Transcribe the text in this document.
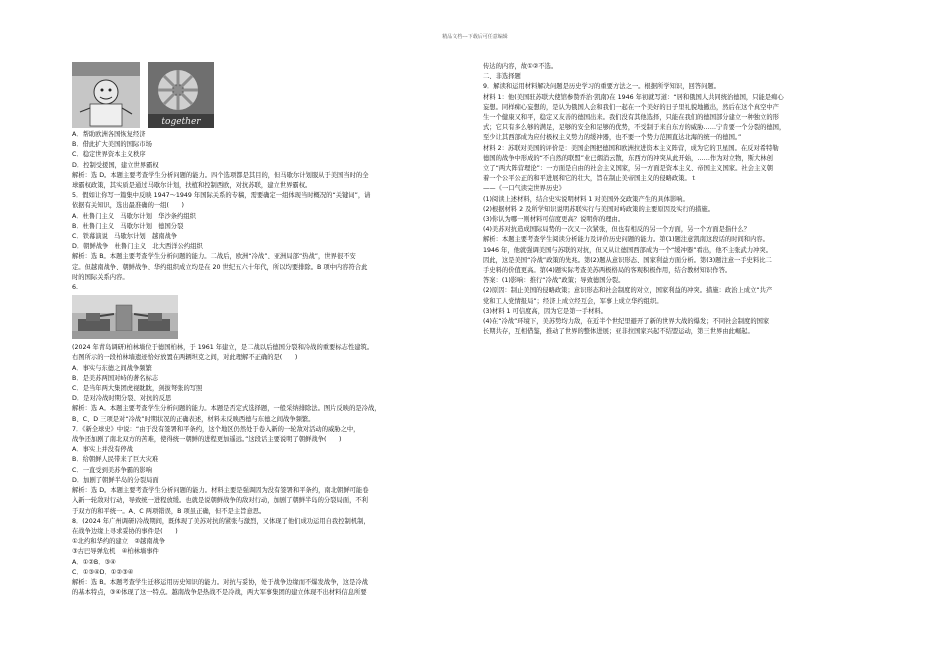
精品文档---下载后可任意编辑
together

A．帮助欧洲各国恢复经济

B．借此扩大美国的国际市场

C．稳定世界资本主义秩序

D．控制受援国，建立世界霸权

解析：选 D。本题主要考查学生分析问题的能力。四个选项都是其目的，但马歇尔计划服从于美国当时的全

球霸权政策，其实质是通过马歇尔计划，扶植和控制西欧，对抗苏联，建立世界霸权。

5．假如让你写一篇集中反映 1947～1949 年国际关系的专稿，需要确定一组体现当时概况的“关键词”，请

依据有关知识，选出最准确的一组(　　)

A．杜鲁门主义　马歇尔计划　华沙条约组织

B．杜鲁门主义　马歇尔计划　德国分裂

C．铁幕演说　马歇尔计划　越南战争

D．朝鲜战争　杜鲁门主义　北大西洋公约组织

解析：选 B。本题主要考查学生分析问题的能力。二战后，欧洲“冷战”、亚洲局部“热战”，世界很不安

定。但越南战争、朝鲜战争、华约组织成立均是在 20 世纪五六十年代，所以均要排除。B 项中内容符合此

时的国际关系内容。

6.

(2024 年青岛调研)柏林墙位于德国柏林，于 1961 年建立，是二战以后德国分裂和冷战的重要标志性建筑。

右图所示的一段柏林墙遗迹恰好放置在两辆坦克之间，对此理解不正确的是(　　)

A．事实与东德之间战争频繁

B．是美苏两国对峙的著名标志

C．是当年两大集团虎视眈眈，剑拔弩张的写照

D．是对冷战时期分裂、对抗的反思

解析：选 A。本题主要考查学生分析问题的能力。本题是否定式选择题，一般采纳排除法。图片反映的是冷战，

B、C、D 三项是对“冷战”时期状况的正确表述，材料未反映西德与东德之间战争频繁。

7．《新全球史》中说：“由于没有签署和平条约，这个地区仍然处于卷入新的一轮敌对活动的威胁之中，

战争还加剧了南北双方的苦难，使得统一朝鲜的进程更加遥远。”这段话主要说明了朝鲜战争(　　)

A．事实上并没有停战

B．给朝鲜人民带来了巨大灾难

C．一直受到美苏争霸的影响

D．加剧了朝鲜半岛的分裂局面

解析：选 D。本题主要考查学生分析问题的能力。材料主要是强调因为没有签署和平条约，南北朝鲜可能卷

入新一轮敌对行动，导致统一进程放缓。也就是说朝鲜战争的敌对行动，加剧了朝鲜半岛的分裂局面，不利

于双方的和平统一。A、C 两项错误，B 项虽正确，但不是主旨意思。

8．(2024 年广州调研)冷战期间，既体现了美苏对抗的紧张与激烈，又体现了他们成功运用自我控制机制，

在战争边缘上寻求妥协的事件是(　　)

①北约和华约的建立　②越南战争

③古巴导弹危机　④柏林墙事件

A．①②B．③④

C．①③④D．①②③④

解析：选 B。本题考查学生迁移运用历史知识的能力。对抗与妥协，处于战争边缘而不爆发战争，这是冷战

的基本特点，③④体现了这一特点。越南战争是热战不是冷战，两大军事集团的建立体现不出材料信息所要

传达的内容，故①②不选。

二、非选择题

9．解读和运用材料解决问题是历史学习的重要方法之一。根据所学知识，回答问题。

材料 1：他(美国驻苏联大使馆参赞乔治·凯南)在 1946 年初就写道：“居和俄国人共同统治德国，只能是痴心

妄想。同样痴心妄想的，是认为俄国人会和我们一起在一个美好的日子里礼貌地撤出，然后在这个真空中产

生一个健康又和平，稳定又友善的德国出来。我们没有其他选择，只能在我们的德国部分建立一种独立的形

式；它只有多么够的满足，足够的安全和足够的优势，不受制于来自东方的威胁……宁肯要一个分裂的德国，

至少让其西部成为应付极权主义势力的缓冲器，也不要一个势力范围直达北海的统一的德国。”

材料 2：苏联对美国的评价是：美国企图把德国和欧洲拉进资本主义阵营，成为它的卫星国。在反对希特勒

德国的战争中形成的“不自然的联盟”业已烟消云散，东西方的冲突从此开始，……作为对立物，斯大林创

立了“两大阵营理论”：一方面是自由的社会主义国家，另一方面是资本主义、帝国主义国家。社会主义朝

着一个公平公正的和平进展和它的壮大，旨在制止美帝国主义的侵略政策。ｔ

——《一口气读完世界历史》

(1)阅读上述材料，结合史实说明材料 1 对美国外交政策产生的具体影响。

(2)根据材料 2 及所学知识说明苏联实行与美国对峙政策的主要原因及实行的措施。

(3)你认为哪一则材料可信度更高？说明你的理由。

(4)美苏对抗造成国际局势的一次又一次紧张，但也有相反的另一个方面，另一个方面是指什么？

解析：本题主要考查学生阅读分析能力及评价历史问题的能力。第(1)题注意凯南这段话的时间和内容。

1946 年，他就强调美国与苏联的对抗，但又从让德国西部成为一个“缓冲器”看出，他不主张武力冲突。

因此，这是美国“冷战”政策的先兆。第(2)题从意识形态、国家利益方面分析。第(3)题注意一手史料比二

手史料的价值更高。第(4)题实际考查美苏两极格局的客观积极作用，结合教材知识作答。

答案：(1)影响：推行“冷战”政策；导致德国分裂。

(2)原因：制止美国的侵略政策；意识形态和社会制度的对立，国家利益的冲突。措施：政治上成立“共产

党和工人党情报局”；经济上成立经互会，军事上成立华约组织。

(3)材料 1 可信度高，因为它是第一手材料。

(4)在“冷战”环境下，美苏势均力敌，在近半个世纪里避开了新的世界大战的爆发；不同社会制度的国家

长期共存，互相借鉴，推动了世界的整体进展；亚非拉国家兴起不结盟运动，第三世界由此崛起。
